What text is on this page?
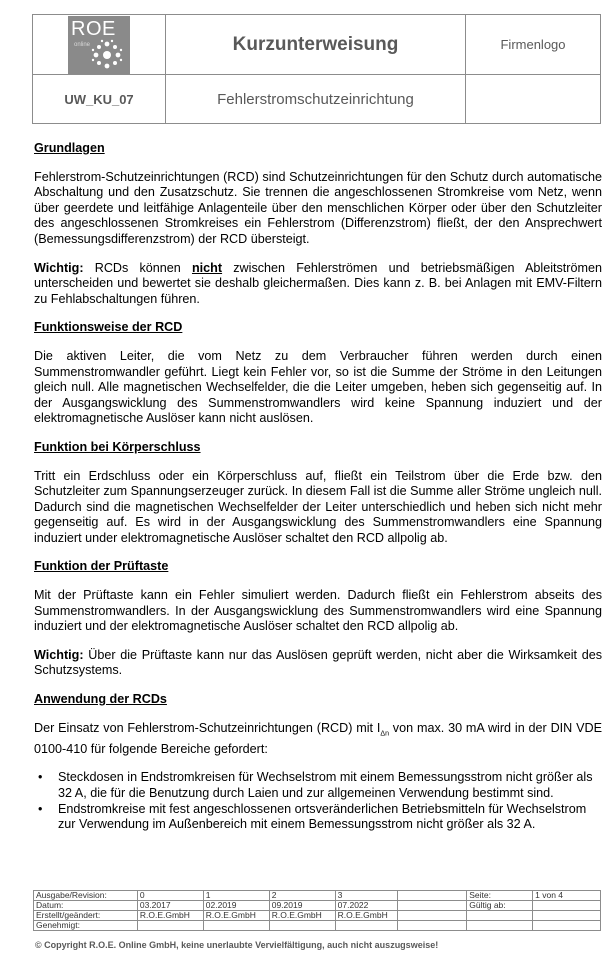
ROE
online	Kurzunterweisung	Firmenlogo
UW_KU_07	Fehlerstromschutzeinrichtung
Grundlagen

Fehlerstrom-Schutzeinrichtungen (RCD) sind Schutzeinrichtungen für den Schutz durch automatische Abschaltung und den Zusatzschutz. Sie trennen die angeschlossenen Stromkreise vom Netz, wenn über geerdete und leitfähige Anlagenteile über den menschlichen Körper oder über den Schutzleiter des angeschlossenen Stromkreises ein Fehlerstrom (Differenzstrom) fließt, der den Ansprechwert (Bemessungsdifferenzstrom) der RCD übersteigt.

Wichtig: RCDs können nicht zwischen Fehlerströmen und betriebsmäßigen Ableitströmen unterscheiden und bewertet sie deshalb gleichermaßen. Dies kann z. B. bei Anlagen mit EMV-Filtern zu Fehlabschaltungen führen.

Funktionsweise der RCD

Die aktiven Leiter, die vom Netz zu dem Verbraucher führen werden durch einen Summenstromwandler geführt. Liegt kein Fehler vor, so ist die Summe der Ströme in den Leitungen gleich null. Alle magnetischen Wechselfelder, die die Leiter umgeben, heben sich gegenseitig auf. In der Ausgangswicklung des Summenstromwandlers wird keine Spannung induziert und der elektromagnetische Auslöser kann nicht auslösen.

Funktion bei Körperschluss

Tritt ein Erdschluss oder ein Körperschluss auf, fließt ein Teilstrom über die Erde bzw. den Schutzleiter zum Spannungserzeuger zurück. In diesem Fall ist die Summe aller Ströme ungleich null. Dadurch sind die magnetischen Wechselfelder der Leiter unterschiedlich und heben sich nicht mehr gegenseitig auf. Es wird in der Ausgangswicklung des Summenstromwandlers eine Spannung induziert under elektromagnetische Auslöser schaltet den RCD allpolig ab.

Funktion der Prüftaste

Mit der Prüftaste kann ein Fehler simuliert werden. Dadurch fließt ein Fehlerstrom abseits des Summenstromwandlers. In der Ausgangswicklung des Summenstromwandlers wird eine Spannung induziert und der elektromagnetische Auslöser schaltet den RCD allpolig ab.

Wichtig: Über die Prüftaste kann nur das Auslösen geprüft werden, nicht aber die Wirksamkeit des Schutzsystems.

Anwendung der RCDs

Der Einsatz von Fehlerstrom-Schutzeinrichtungen (RCD) mit $I_{\Delta n}$ von max. 30 mA wird in der DIN VDE 0100-410 für folgende Bereiche gefordert:

• Steckdosen in Endstromkreisen für Wechselstrom mit einem Bemessungsstrom nicht größer als 32 A, die für die Benutzung durch Laien und zur allgemeinen Verwendung bestimmt sind.
• Endstromkreise mit fest angeschlossenen ortsveränderlichen Betriebsmitteln für Wechselstrom zur Verwendung im Außenbereich mit einem Bemessungsstrom nicht größer als 32 A.
Ausgabe/Revision:	0	1	2	3		Seite:	1 von 4
Datum:	03.2017	02.2019	09.2019	07.2022		Gültig ab:	
Erstellt/geändert:	R.O.E.GmbH	R.O.E.GmbH	R.O.E.GmbH	R.O.E.GmbH			
Genehmigt:							
© Copyright R.O.E. Online GmbH, keine unerlaubte Vervielfältigung, auch nicht auszugsweise!
